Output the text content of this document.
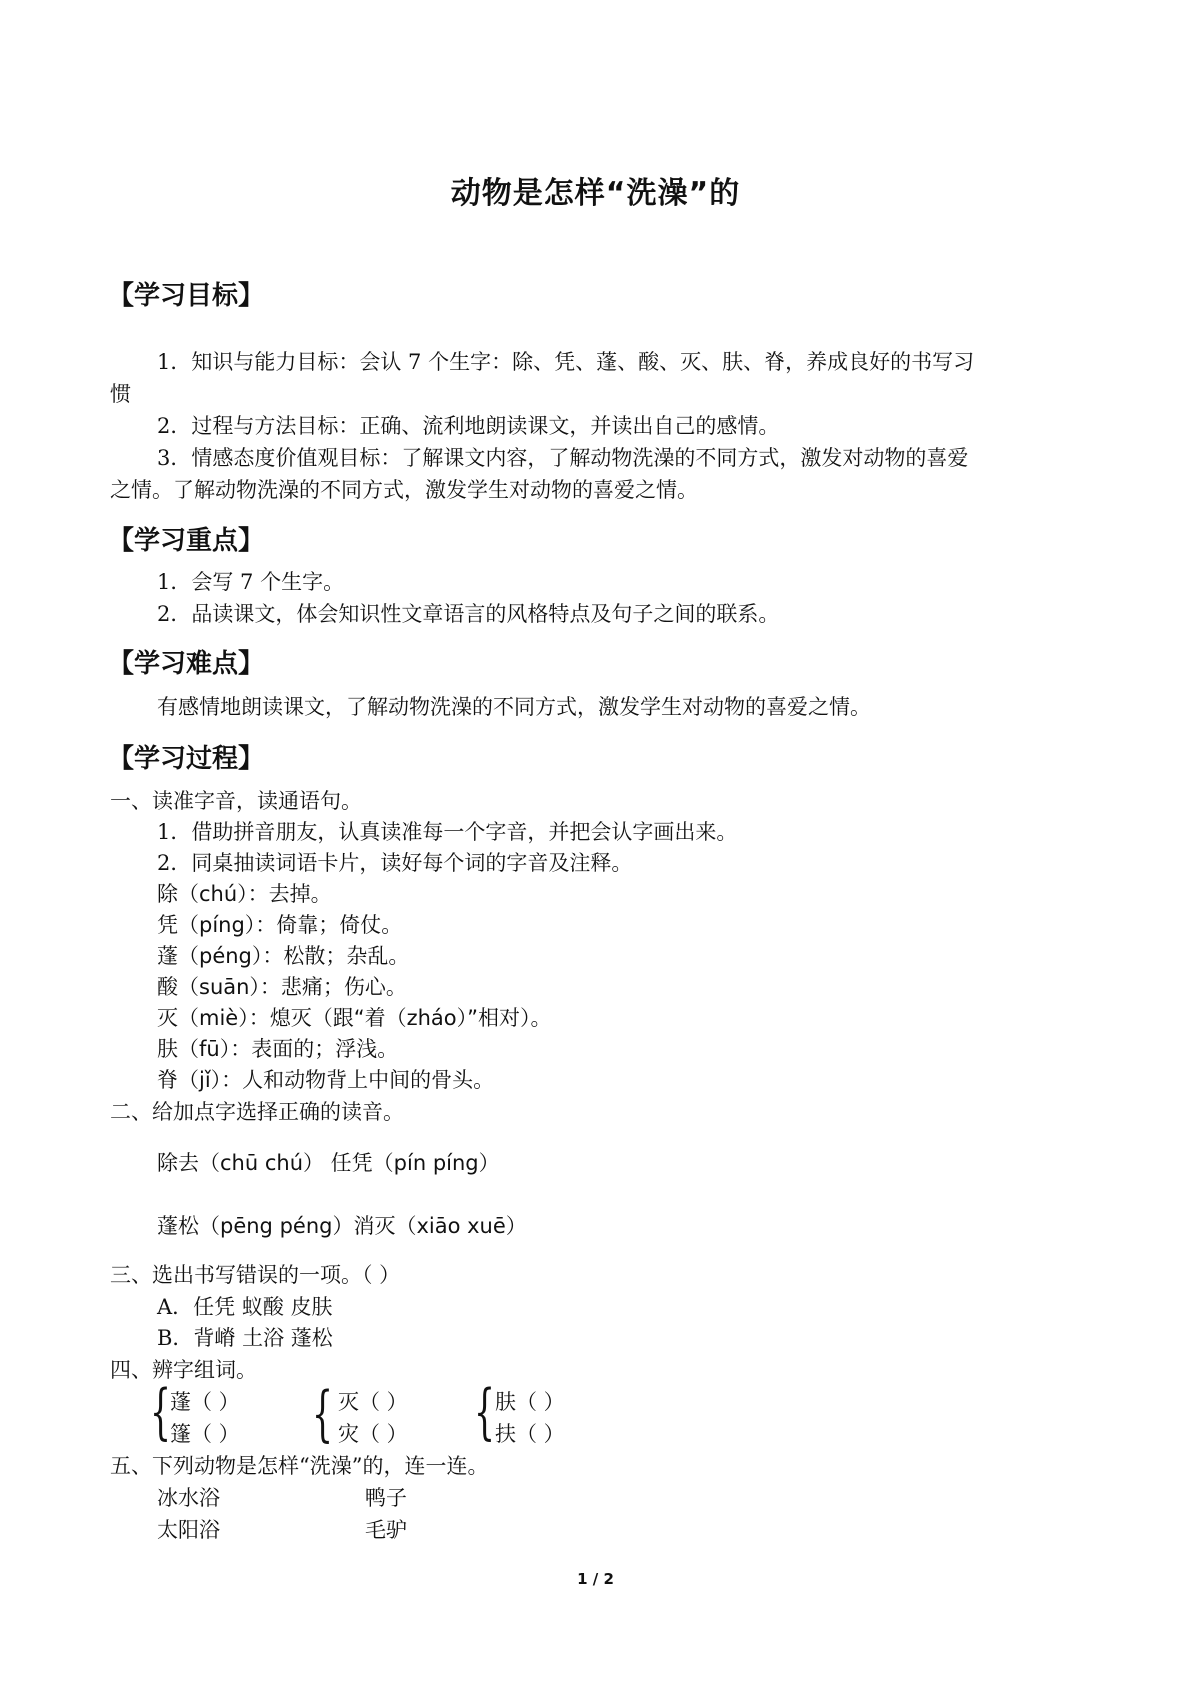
动物是怎样“洗澡”的
【学习目标】
1．知识与能力目标：会认 7 个生字：除、凭、蓬、酸、灭、肤、脊，养成良好的书写习
惯
2．过程与方法目标：正确、流利地朗读课文，并读出自己的感情。
3．情感态度价值观目标：了解课文内容，了解动物洗澡的不同方式，激发对动物的喜爱
之情。了解动物洗澡的不同方式，激发学生对动物的喜爱之情。
【学习重点】
1．会写 7 个生字。
2．品读课文，体会知识性文章语言的风格特点及句子之间的联系。
【学习难点】
有感情地朗读课文，了解动物洗澡的不同方式，激发学生对动物的喜爱之情。
【学习过程】
一、读准字音，读通语句。
1．借助拼音朋友，认真读准每一个字音，并把会认字画出来。
2．同桌抽读词语卡片，读好每个词的字音及注释。
除（chú）：去掉。
凭（píng）：倚靠；倚仗。
蓬（péng）：松散；杂乱。
酸（suān）：悲痛；伤心。
灭（miè）：熄灭（跟“着（zháo）”相对）。
肤（fū）：表面的；浮浅。
脊（jǐ）：人和动物背上中间的骨头。
二、给加点字选择正确的读音。
除去（chū chú） 任凭（pín píng）
蓬松（pēng péng）消灭（xiāo xuē）
三、选出书写错误的一项。（ ）
A．任凭 蚁酸 皮肤
B．背嵴 土浴 蓬松
四、辨字组词。
{ { {
蓬（ ）
篷（ ）
灭（ ）
灾（ ）
肤（ ）
扶（ ）
五、下列动物是怎样“洗澡”的，连一连。
冰水浴
太阳浴
鸭子
毛驴
1 / 2
